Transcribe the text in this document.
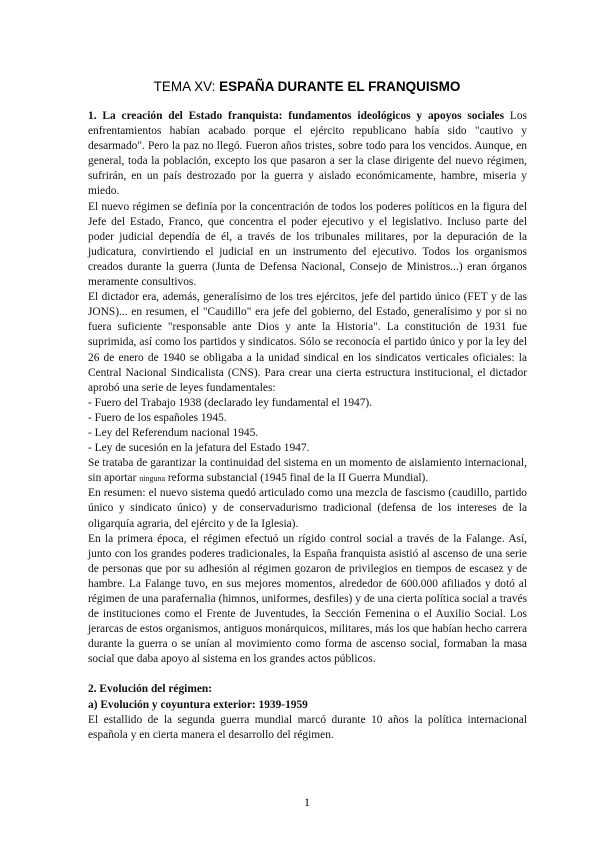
TEMA XV: ESPAÑA DURANTE EL FRANQUISMO

1. La creación del Estado franquista: fundamentos ideológicos y apoyos sociales Los enfrentamientos habían acabado porque el ejército republicano había sido "cautivo y desarmado". Pero la paz no llegó. Fueron años tristes, sobre todo para los vencidos. Aunque, en general, toda la población, excepto los que pasaron a ser la clase dirigente del nuevo régimen, sufrirán, en un país destrozado por la guerra y aislado económicamente, hambre, miseria y miedo.

El nuevo régimen se definía por la concentración de todos los poderes políticos en la figura del Jefe del Estado, Franco, que concentra el poder ejecutivo y el legislativo. Incluso parte del poder judicial dependía de él, a través de los tribunales militares, por la depuración de la judicatura, convirtiendo el judicial en un instrumento del ejecutivo. Todos los organismos creados durante la guerra (Junta de Defensa Nacional, Consejo de Ministros...) eran órganos meramente consultivos.

El dictador era, además, generalísimo de los tres ejércitos, jefe del partido único (FET y de las JONS)... en resumen, el "Caudillo" era jefe del gobierno, del Estado, generalísimo y por si no fuera suficiente "responsable ante Dios y ante la Historia". La constitución de 1931 fue suprimida, así como los partidos y sindicatos. Sólo se reconocía el partido único y por la ley del 26 de enero de 1940 se obligaba a la unidad sindical en los sindicatos verticales oficiales: la Central Nacional Sindicalista (CNS). Para crear una cierta estructura institucional, el dictador aprobó una serie de leyes fundamentales:

- Fuero del Trabajo 1938 (declarado ley fundamental el 1947).

- Fuero de los españoles 1945.

- Ley del Referendum nacional 1945.

- Ley de sucesión en la jefatura del Estado 1947.

Se trataba de garantizar la continuidad del sistema en un momento de aislamiento internacional, sin aportar ninguna reforma substancial (1945 final de la II Guerra Mundial).

En resumen: el nuevo sistema quedó articulado como una mezcla de fascismo (caudillo, partido único y sindicato único) y de conservadurismo tradicional (defensa de los intereses de la oligarquía agraria, del ejército y de la Iglesia).

En la primera época, el régimen efectuó un rígido control social a través de la Falange. Así, junto con los grandes poderes tradicionales, la España franquista asistió al ascenso de una serie de personas que por su adhesión al régimen gozaron de privilegios en tiempos de escasez y de hambre. La Falange tuvo, en sus mejores momentos, alrededor de 600.000 afiliados y dotó al régimen de una parafernalia (himnos, uniformes, desfiles) y de una cierta política social a través de instituciones como el Frente de Juventudes, la Sección Femenina o el Auxilio Social. Los jerarcas de estos organismos, antiguos monárquicos, militares, más los que habían hecho carrera durante la guerra o se unían al movimiento como forma de ascenso social, formaban la masa social que daba apoyo al sistema en los grandes actos públicos.

2. Evolución del régimen:

a) Evolución y coyuntura exterior: 1939-1959

El estallido de la segunda guerra mundial marcó durante 10 años la política internacional española y en cierta manera el desarrollo del régimen.

1
